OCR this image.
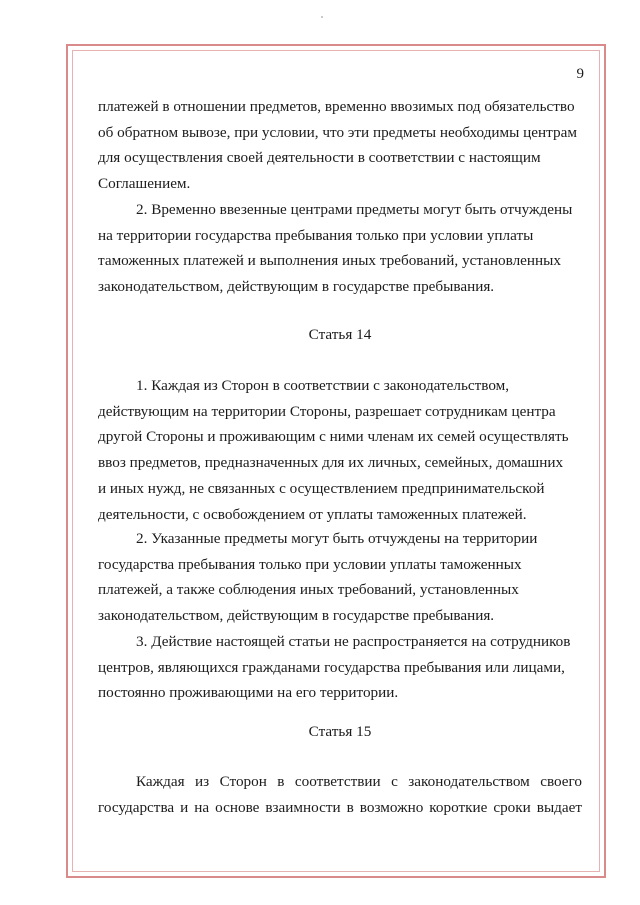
9

платежей в отношении предметов, временно ввозимых под обязательство
об обратном вывозе, при условии, что эти предметы необходимы центрам
для осуществления своей деятельности в соответствии с настоящим
Соглашением.

2. Временно ввезенные центрами предметы могут быть отчуждены
на территории государства пребывания только при условии уплаты
таможенных платежей и выполнения иных требований, установленных
законодательством, действующим в государстве пребывания.

Статья 14

1. Каждая из Сторон в соответствии с законодательством,
действующим на территории Стороны, разрешает сотрудникам центра
другой Стороны и проживающим с ними членам их семей осуществлять
ввоз предметов, предназначенных для их личных, семейных, домашних
и иных нужд, не связанных с осуществлением предпринимательской
деятельности, с освобождением от уплаты таможенных платежей.

2. Указанные предметы могут быть отчуждены на территории
государства пребывания только при условии уплаты таможенных
платежей, а также соблюдения иных требований, установленных
законодательством, действующим в государстве пребывания.

3. Действие настоящей статьи не распространяется на сотрудников
центров, являющихся гражданами государства пребывания или лицами,
постоянно проживающими на его территории.

Статья 15

Каждая из Сторон в соответствии с законодательством своего
государства и на основе взаимности в возможно короткие сроки выдает
